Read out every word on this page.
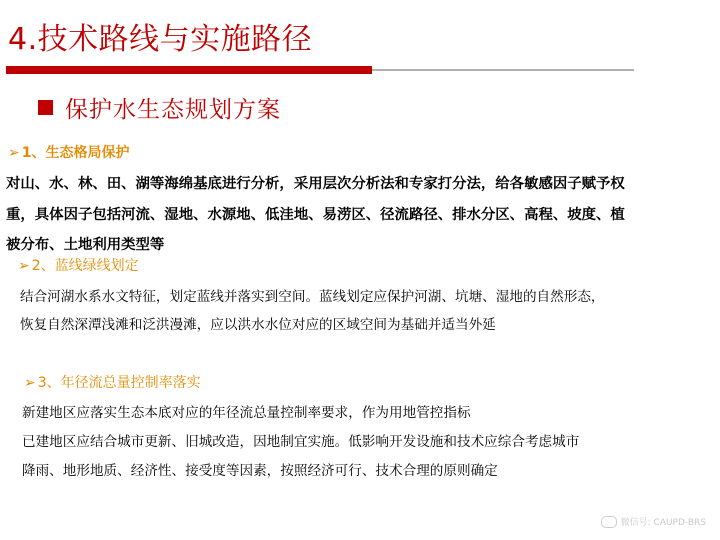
4.技术路线与实施路径
保护水生态规划方案
➢ 1、生态格局保护
对山、水、林、田、湖等海绵基底进行分析，采用层次分析法和专家打分法，给各敏感因子赋予权
重，具体因子包括河流、湿地、水源地、低洼地、易涝区、径流路径、排水分区、高程、坡度、植
被分布、土地利用类型等
➢ 2、蓝线绿线划定
结合河湖水系水文特征，划定蓝线并落实到空间。蓝线划定应保护河湖、坑塘、湿地的自然形态，
恢复自然深潭浅滩和泛洪漫滩，应以洪水水位对应的区域空间为基础并适当外延
➢ 3、年径流总量控制率落实
新建地区应落实生态本底对应的年径流总量控制率要求，作为用地管控指标
已建地区应结合城市更新、旧城改造，因地制宜实施。低影响开发设施和技术应综合考虑城市
降雨、地形地质、经济性、接受度等因素，按照经济可行、技术合理的原则确定
微信号: CAUPD-BRS
